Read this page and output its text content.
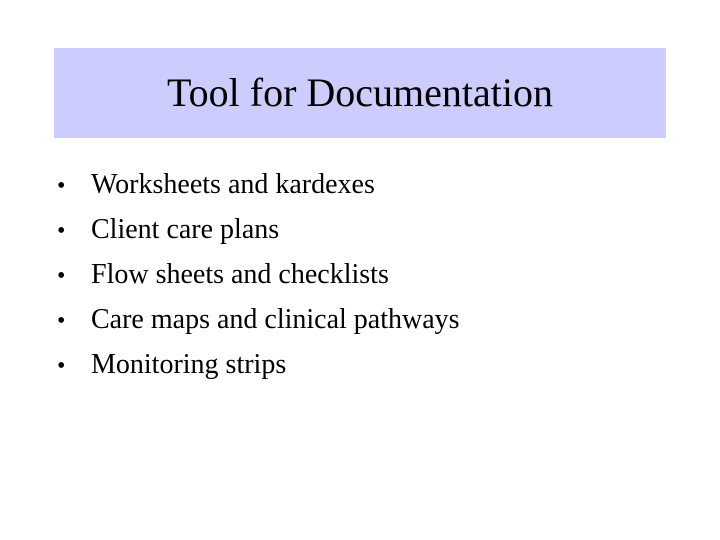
Tool for Documentation
• Worksheets and kardexes
• Client care plans
• Flow sheets and checklists
• Care maps and clinical pathways
• Monitoring strips
